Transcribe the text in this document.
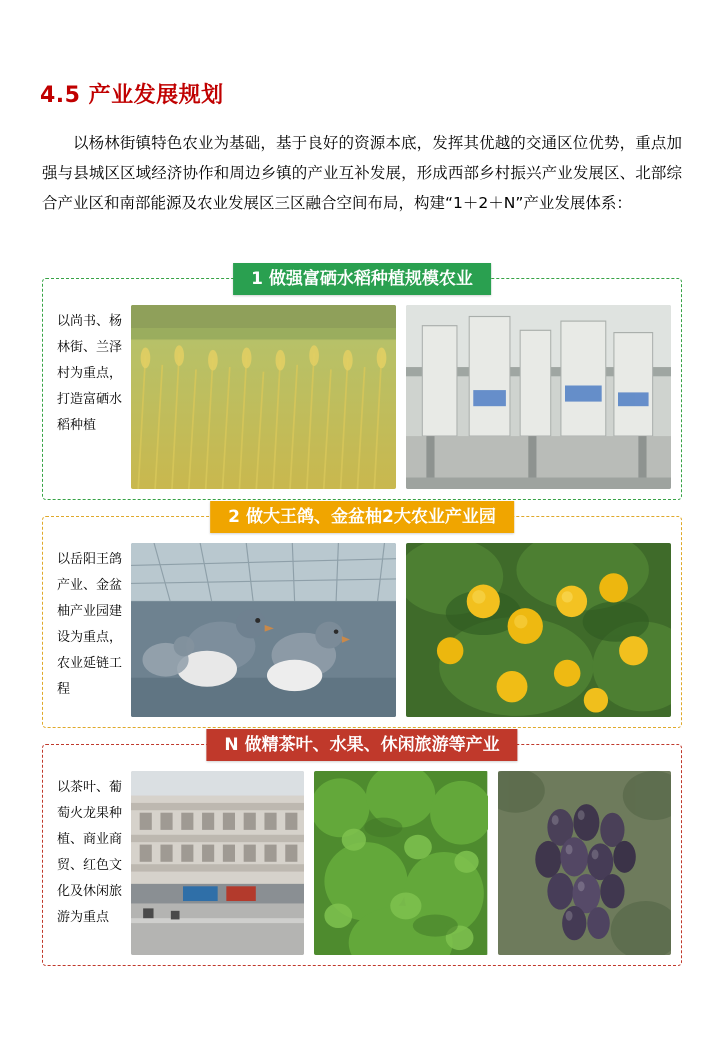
4.5 产业发展规划
以杨林街镇特色农业为基础，基于良好的资源本底，发挥其优越的交通区位优势，重点加强与县城区区域经济协作和周边乡镇的产业互补发展，形成西部乡村振兴产业发展区、北部综合产业区和南部能源及农业发展区三区融合空间布局，构建“1＋2＋N”产业发展体系：
1 做强富硒水稻种植规模农业
以尚书、杨林街、兰泽村为重点，打造富硒水稻种植
2 做大王鸽、金盆柚2大农业产业园
以岳阳王鸽产业、金盆柚产业园建设为重点，农业延链工程
N 做精茶叶、水果、休闲旅游等产业
以茶叶、葡萄火龙果种植、商业商贸、红色文化及休闲旅游为重点
